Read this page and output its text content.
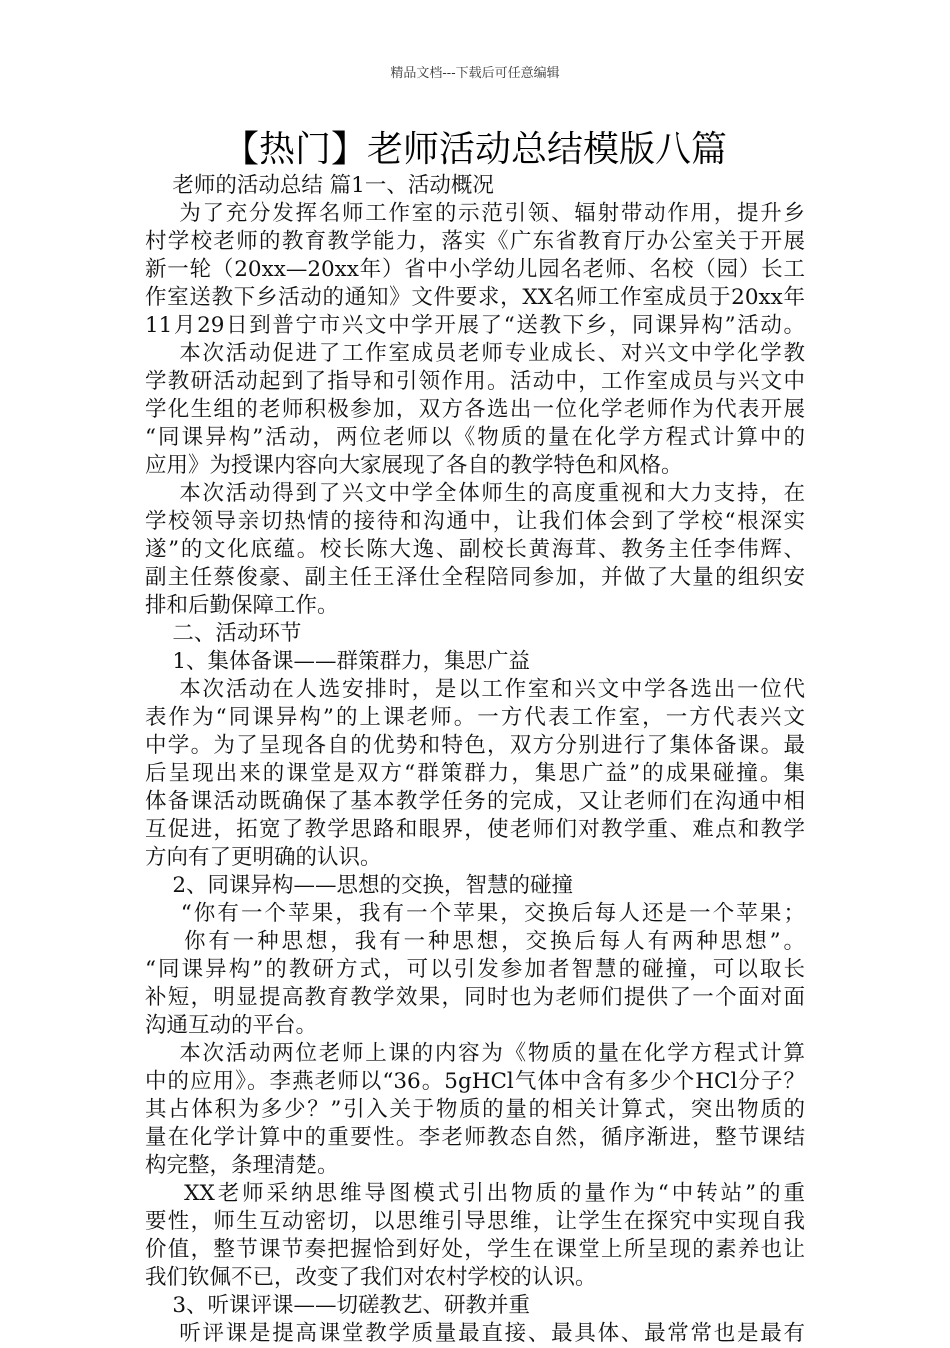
精品文档---下载后可任意编辑
【热门】老师活动总结模版八篇
老师的活动总结 篇1一、活动概况
为了充分发挥名师工作室的示范引领、辐射带动作用，提升乡
村学校老师的教育教学能力，落实《广东省教育厅办公室关于开展
新一轮（20xx—20xx年）省中小学幼儿园名老师、名校（园）长工
作室送教下乡活动的通知》文件要求，XX名师工作室成员于20xx年
11月29日到普宁市兴文中学开展了“送教下乡，同课异构”活动。
本次活动促进了工作室成员老师专业成长、对兴文中学化学教
学教研活动起到了指导和引领作用。活动中，工作室成员与兴文中
学化生组的老师积极参加，双方各选出一位化学老师作为代表开展
“同课异构”活动，两位老师以《物质的量在化学方程式计算中的
应用》为授课内容向大家展现了各自的教学特色和风格。
本次活动得到了兴文中学全体师生的高度重视和大力支持，在
学校领导亲切热情的接待和沟通中，让我们体会到了学校“根深实
遂”的文化底蕴。校长陈大逸、副校长黄海茸、教务主任李伟辉、
副主任蔡俊豪、副主任王泽仕全程陪同参加，并做了大量的组织安
排和后勤保障工作。
二、活动环节
1、集体备课——群策群力，集思广益
本次活动在人选安排时，是以工作室和兴文中学各选出一位代
表作为“同课异构”的上课老师。一方代表工作室，一方代表兴文
中学。为了呈现各自的优势和特色，双方分别进行了集体备课。最
后呈现出来的课堂是双方“群策群力，集思广益”的成果碰撞。集
体备课活动既确保了基本教学任务的完成，又让老师们在沟通中相
互促进，拓宽了教学思路和眼界，使老师们对教学重、难点和教学
方向有了更明确的认识。
2、同课异构——思想的交换，智慧的碰撞
“你有一个苹果，我有一个苹果，交换后每人还是一个苹果；
你有一种思想，我有一种思想，交换后每人有两种思想”。
“同课异构”的教研方式，可以引发参加者智慧的碰撞，可以取长
补短，明显提高教育教学效果，同时也为老师们提供了一个面对面
沟通互动的平台。
本次活动两位老师上课的内容为《物质的量在化学方程式计算
中的应用》。李燕老师以“36。5gHCl气体中含有多少个HCl分子？
其占体积为多少？”引入关于物质的量的相关计算式，突出物质的
量在化学计算中的重要性。李老师教态自然，循序渐进，整节课结
构完整，条理清楚。
XX老师采纳思维导图模式引出物质的量作为“中转站”的重
要性，师生互动密切，以思维引导思维，让学生在探究中实现自我
价值，整节课节奏把握恰到好处，学生在课堂上所呈现的素养也让
我们钦佩不已，改变了我们对农村学校的认识。
3、听课评课——切磋教艺、研教并重
听评课是提高课堂教学质量最直接、最具体、最常常也是最有
